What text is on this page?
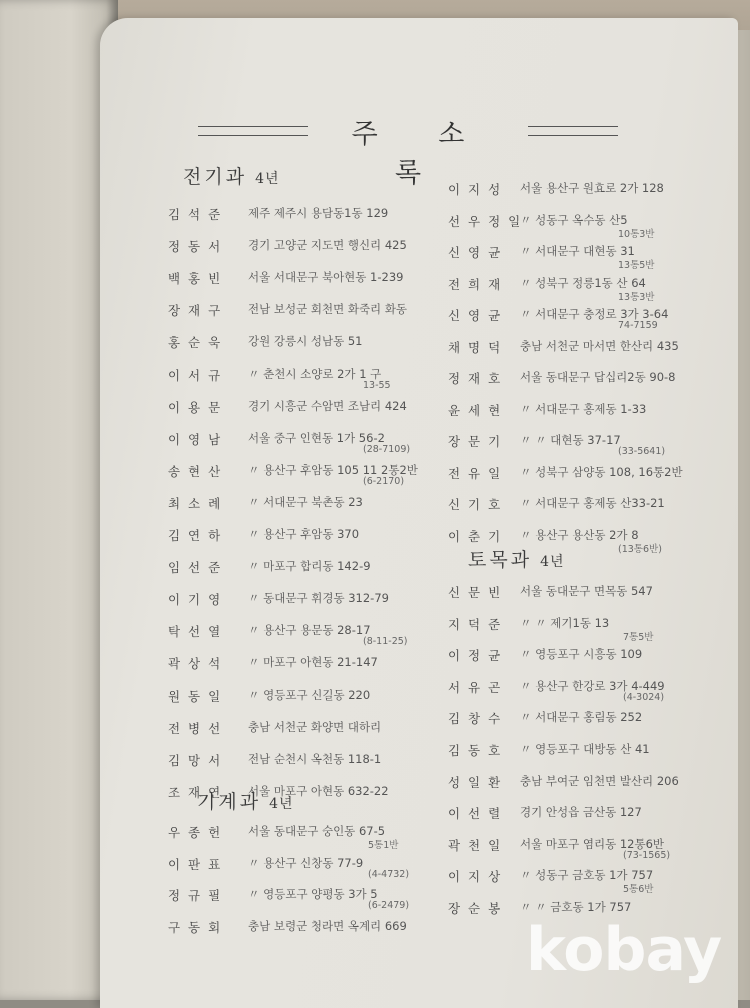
주 소 록
전기과 4년
김 석 준 제주 제주시 용담동1동 129
정 동 서 경기 고양군 지도면 행신리 425
백 홍 빈 서울 서대문구 북아현동 1-239
장 재 구 전남 보성군 회천면 화죽리 화동
홍 순 욱 강원 강릉시 성남동 51
이 서 규 〃 춘천시 소양로 2가 1 구
13-55
이 용 문 경기 시흥군 수암면 조남리 424
이 영 남 서울 중구 인현동 1가 56-2
(28-7109)
송 현 산 〃 용산구 후암동 105 11 2통2반
(6-2170)
최 소 례 〃 서대문구 북촌동 23
김 연 하 〃 용산구 후암동 370
임 선 준 〃 마포구 합리동 142-9
이 기 영 〃 동대문구 휘경동 312-79
탁 선 열 〃 용산구 용문동 28-17
(8-11-25)
곽 상 석 〃 마포구 아현동 21-147
원 동 일 〃 영등포구 신길동 220
전 병 선 충남 서천군 화양면 대하리
김 망 서 전남 순천시 옥천동 118-1
조 재 연 서울 마포구 아현동 632-22
기계과 4년
우 종 헌 서울 동대문구 숭인동 67-5
5통1반
이 판 표 〃 용산구 신창동 77-9
(4-4732)
정 규 필 〃 영등포구 양평동 3가 5
(6-2479)
구 동 회 충남 보령군 청라면 옥계리 669
이 지 성 서울 용산구 원효로 2가 128
선 우 정 일
〃 성동구 옥수동 산5
10통3반
신 영 균 〃 서대문구 대현동 31
13통5반
전 희 재 〃 성북구 정릉1동 산 64
13통3반
신 영 균 〃 서대문구 충정로 3가 3-64
74-7159
채 명 덕 충남 서천군 마서면 한산리 435
정 재 호 서울 동대문구 답십리2동 90-8
윤 세 현 〃 서대문구 홍제동 1-33
장 문 기 〃 〃 대현동 37-17
(33-5641)
전 유 일 〃 성북구 삼양동 108, 16통2반
신 기 호 〃 서대문구 홍제동 산33-21
이 춘 기 〃 용산구 용산동 2가 8
(13통6반)
토목과 4년
신 문 빈 서울 동대문구 면목동 547
지 덕 준 〃 〃 제기1동 13
7통5반
이 정 균 〃 영등포구 시흥동 109
서 유 곤 〃 용산구 한강로 3가 4-449
(4-3024)
김 창 수 〃 서대문구 홍림동 252
김 동 호 〃 영등포구 대방동 산 41
성 일 환 충남 부여군 임천면 발산리 206
이 선 렬 경기 안성읍 금산동 127
곽 천 일 서울 마포구 염리동 12통6반
(73-1565)
이 지 상 〃 성동구 금호동 1가 757
5통6반
장 순 봉 〃 〃 금호동 1가 757
kobay
